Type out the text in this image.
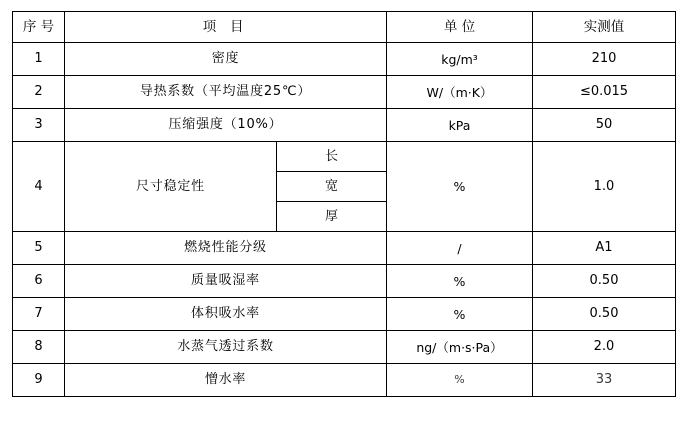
序 号	项 目		单 位	实测值
1	密度		kg/m³	210
2	导热系数（平均温度25℃）		W/（m·K）	≤0.015
3	压缩强度（10%）		kPa	50
4	尺寸稳定性	长	%	1.0
		宽		
		厚		
5	燃烧性能分级		/	A1
6	质量吸湿率		%	0.50
7	体积吸水率		%	0.50
8	水蒸气透过系数		ng/（m·s·Pa）	2.0
9	憎水率		%	33
